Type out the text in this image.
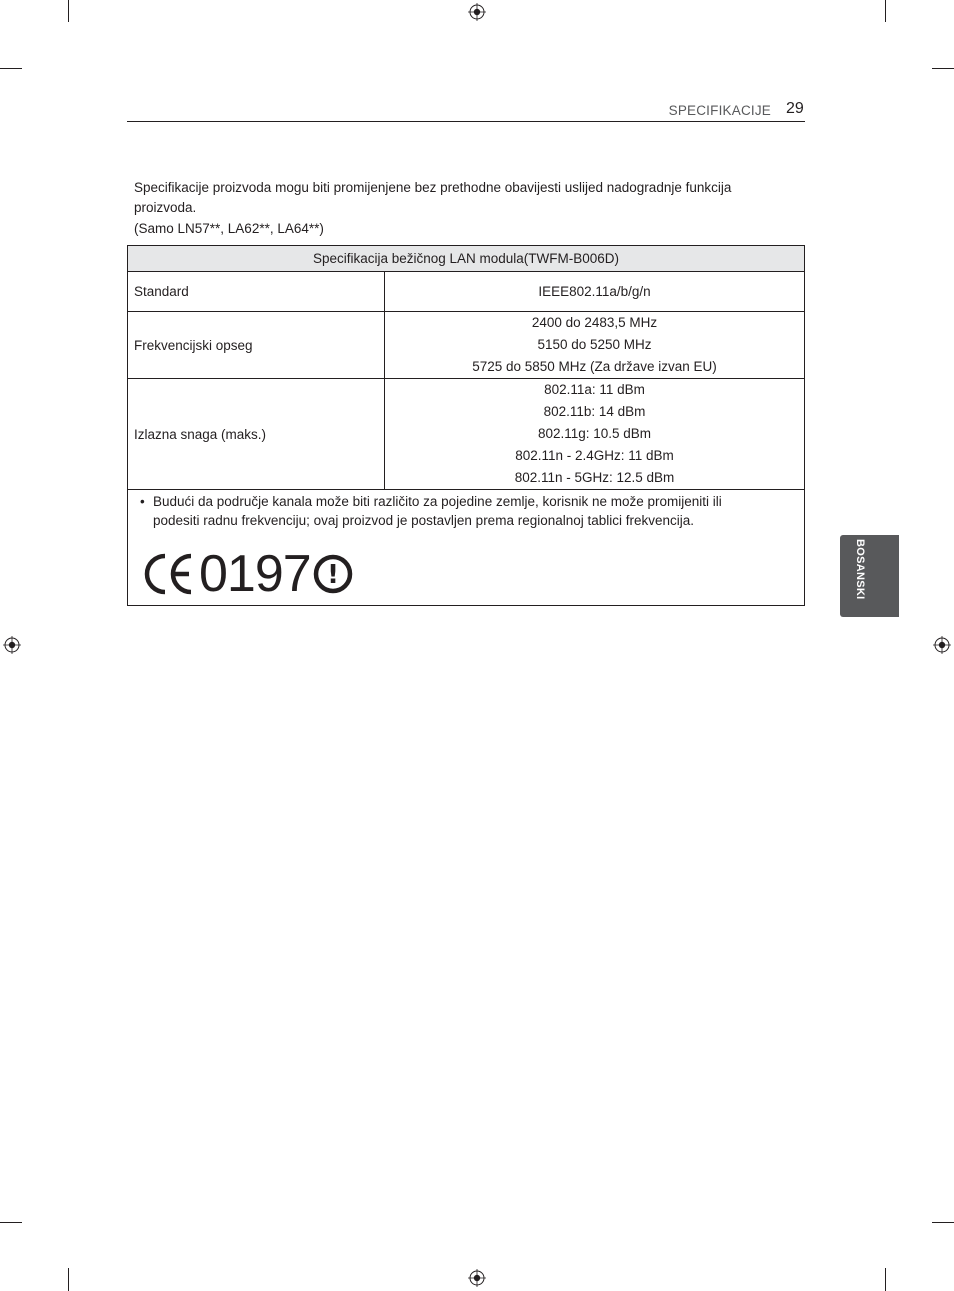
SPECIFIKACIJE 29

Specifikacije proizvoda mogu biti promijenjene bez prethodne obavijesti uslijed nadogradnje funkcija proizvoda.

(Samo LN57**, LA62**, LA64**)

Specifikacija bežičnog LAN modula(TWFM-B006D)	
Standard	IEEE802.11a/b/g/n

Frekvencijski opseg	2400 do 2483,5 MHz
5150 do 5250 MHz
5725 do 5850 MHz (Za države izvan EU)

Izlazna snaga (maks.)	802.11a: 11 dBm
802.11b: 14 dBm
802.11g: 10.5 dBm
802.11n - 2.4GHz: 11 dBm
802.11n - 5GHz: 12.5 dBm

• Budući da područje kanala može biti različito za pojedine zemlje, korisnik ne može promijeniti ili podesiti radnu frekvenciju; ovaj proizvod je postavljen prema regionalnoj tablici frekvencija.

0197 !		BOSANSKI
